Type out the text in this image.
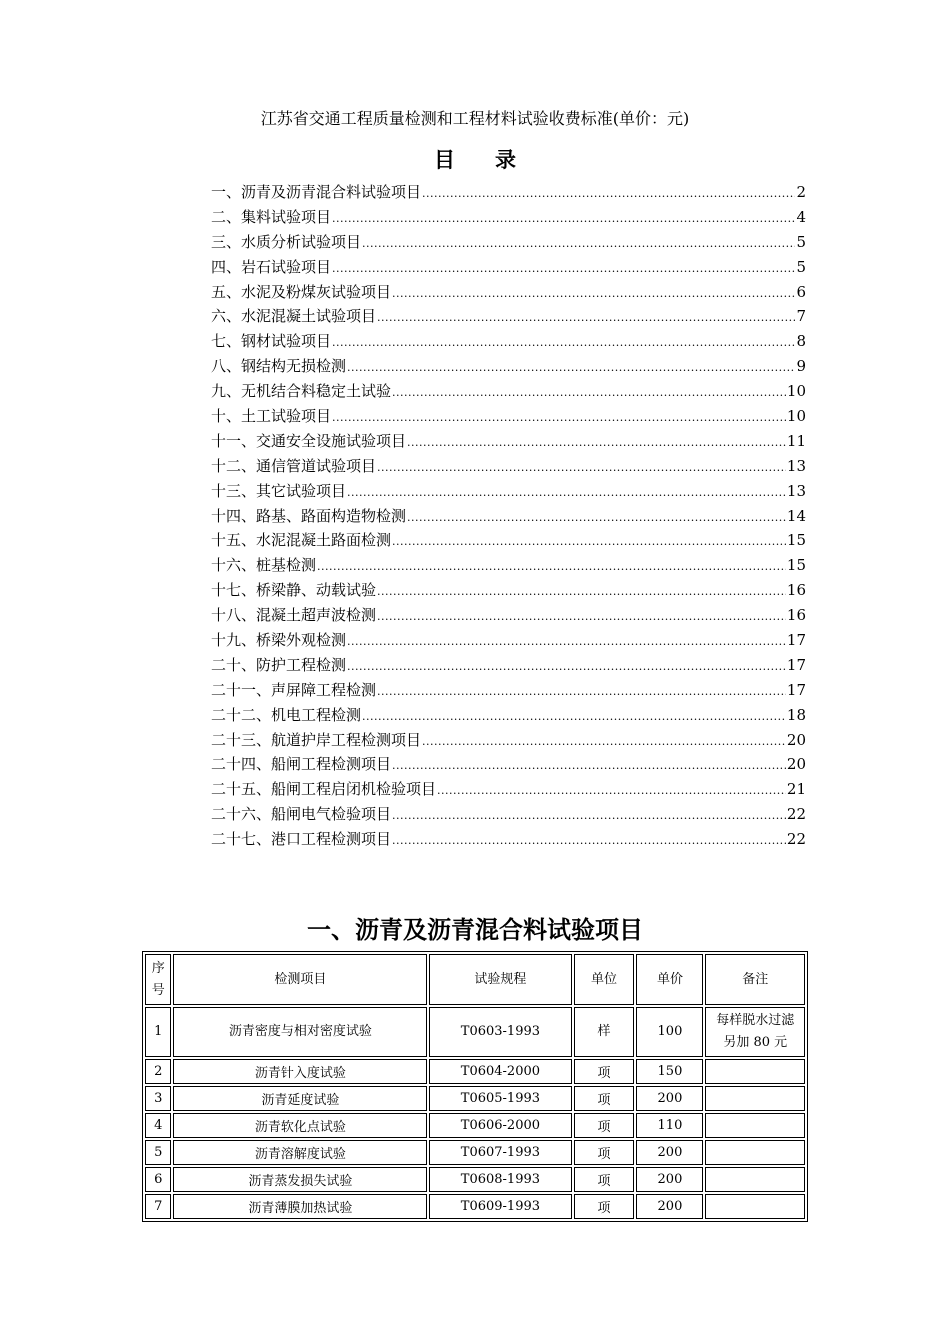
江苏省交通工程质量检测和工程材料试验收费标准(单价：元)
目 录
一、沥青及沥青混合料试验项目 .....	2
二、集料试验项目 .....	4
三、水质分析试验项目 .....	5
四、岩石试验项目 .....	5
五、水泥及粉煤灰试验项目 .....	6
六、水泥混凝土试验项目 .....	7
七、钢材试验项目 .....	8
八、钢结构无损检测 .....	9
九、无机结合料稳定土试验 .....	10
十、土工试验项目 .....	10
十一、交通安全设施试验项目 .....	11
十二、通信管道试验项目 .....	13
十三、其它试验项目 .....	13
十四、路基、路面构造物检测 .....	14
十五、水泥混凝土路面检测 .....	15
十六、桩基检测 .....	15
十七、桥梁静、动载试验 .....	16
十八、混凝土超声波检测 .....	16
十九、桥梁外观检测 .....	17
二十、防护工程检测 .....	17
二十一、声屏障工程检测 .....	17
二十二、机电工程检测 .....	18
二十三、航道护岸工程检测项目 .....	20
二十四、船闸工程检测项目 .....	20
二十五、船闸工程启闭机检验项目 .....	21
二十六、船闸电气检验项目 .....	22
二十七、港口工程检测项目 .....	22
一、沥青及沥青混合料试验项目
序
号	检测项目	试验规程	单位	单价	备注
1	沥青密度与相对密度试验	T0603-1993	样	100	每样脱水过滤
另加 80 元
2	沥青针入度试验	T0604-2000	项	150	
3	沥青延度试验	T0605-1993	项	200	
4	沥青软化点试验	T0606-2000	项	110	
5	沥青溶解度试验	T0607-1993	项	200	
6	沥青蒸发损失试验	T0608-1993	项	200	
7	沥青薄膜加热试验	T0609-1993	项	200	
